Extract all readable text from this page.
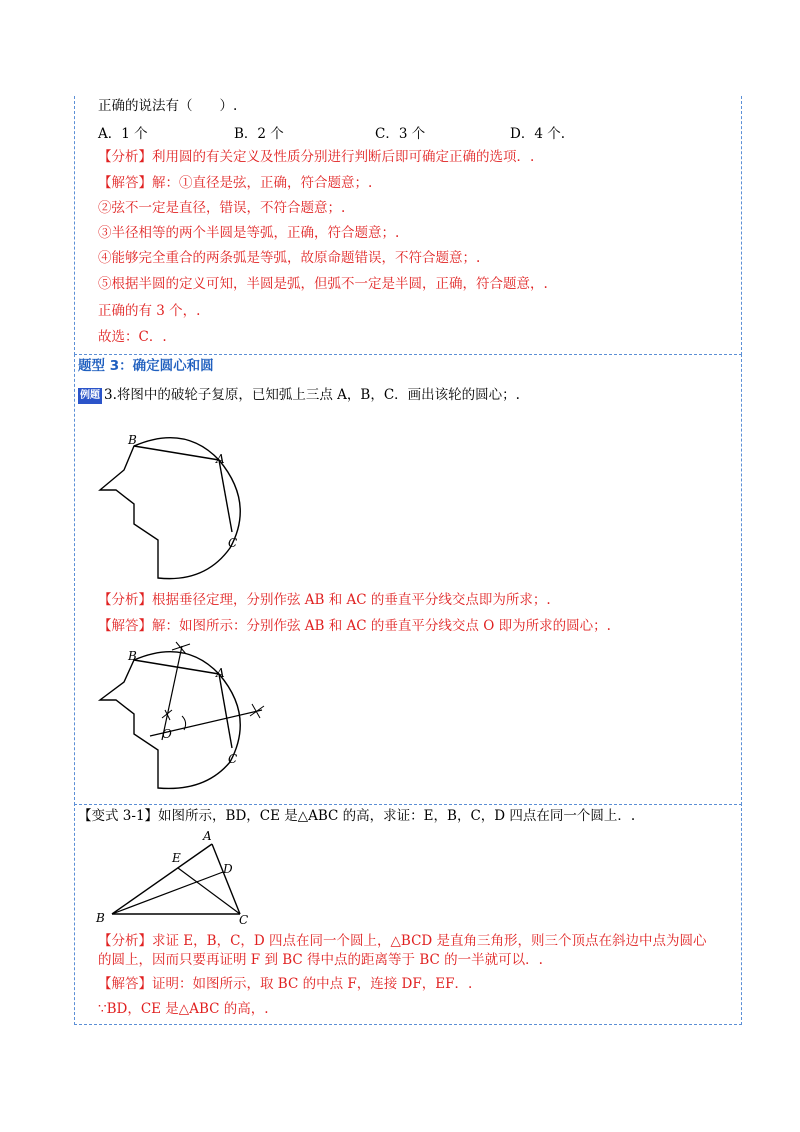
正确的说法有（　　）.
A．1 个	B．2 个	C．3 个	D．4 个.
【分析】利用圆的有关定义及性质分别进行判断后即可确定正确的选项．.
【解答】解：①直径是弦，正确，符合题意；.
②弦不一定是直径，错误，不符合题意；.
③半径相等的两个半圆是等弧，正确，符合题意；.
④能够完全重合的两条弧是等弧，故原命题错误，不符合题意；.
⑤根据半圆的定义可知，半圆是弧，但弧不一定是半圆，正确，符合题意，.
正确的有 3 个，.
故选：C．.
题型 3：确定圆心和圆
例题 3.将图中的破轮子复原，已知弧上三点 A，B，C．画出该轮的圆心；.
B
A
C
【分析】根据垂径定理，分别作弦 AB 和 AC 的垂直平分线交点即为所求；.
【解答】解：如图所示：分别作弦 AB 和 AC 的垂直平分线交点 O 即为所求的圆心；.
B
A
C
O
【变式 3-1】如图所示，BD，CE 是△ABC 的高，求证：E，B，C，D 四点在同一个圆上．.
A
E
D
B	C
【分析】求证 E，B，C，D 四点在同一个圆上，△BCD 是直角三角形，则三个顶点在斜边中点为圆心
的圆上，因而只要再证明 F 到 BC 得中点的距离等于 BC 的一半就可以．.
【解答】证明：如图所示，取 BC 的中点 F，连接 DF，EF．.
∵BD，CE 是△ABC 的高，.
